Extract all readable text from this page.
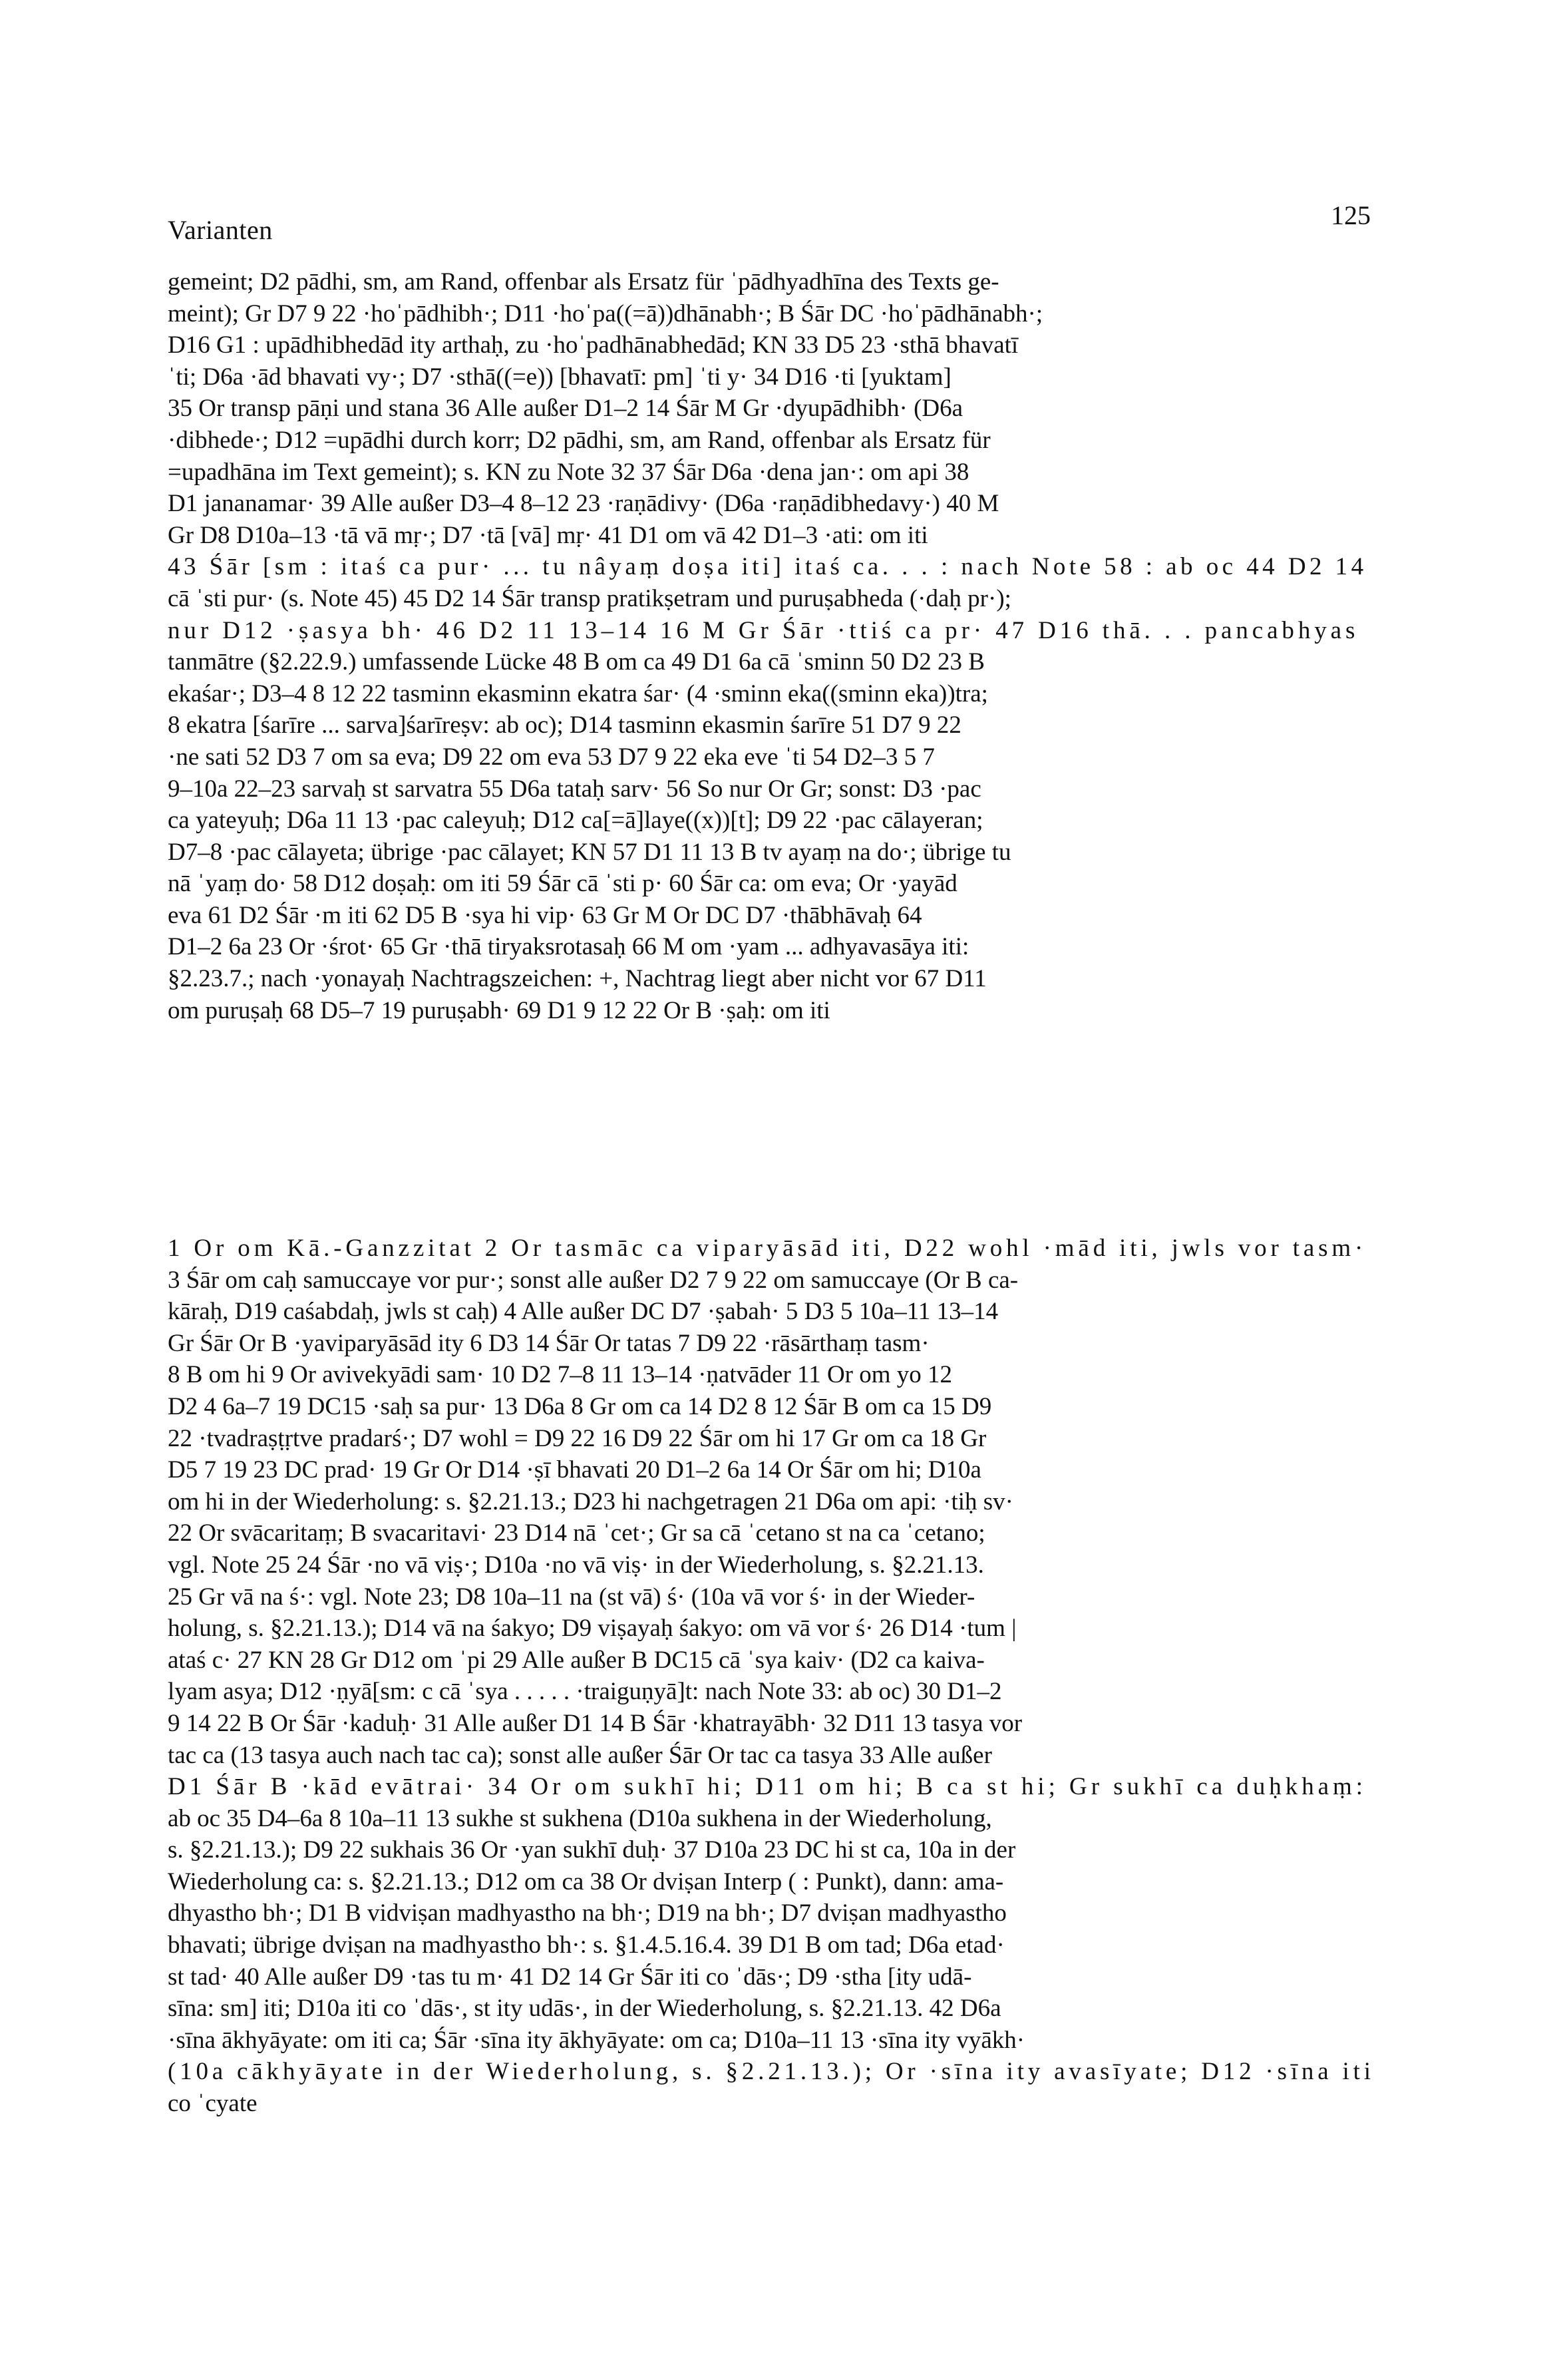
Varianten	125
gemeint; D2 pādhi, sm, am Rand, offenbar als Ersatz für ˈpādhyadhīna des Texts ge-
meint); Gr D7 9 22 ·hoˈpādhibh·; D11 ·hoˈpa((=ā))dhānabh·; B Śār DC ·hoˈpādhānabh·;
D16 G1 : upādhibhedād ity arthaḥ, zu ·hoˈpadhānabhedād; KN 33 D5 23 ·sthā bhavatī
ˈti; D6a ·ād bhavati vy·; D7 ·sthā((=e)) [bhavatī: pm] ˈti y· 34 D16 ·ti [yuktam]
35 Or transp pāṇi und stana 36 Alle außer D1–2 14 Śār M Gr ·dyupādhibh· (D6a
·dibhede·; D12 =upādhi durch korr; D2 pādhi, sm, am Rand, offenbar als Ersatz für
=upadhāna im Text gemeint); s. KN zu Note 32 37 Śār D6a ·dena jan·: om api 38
D1 jananamar· 39 Alle außer D3–4 8–12 23 ·raṇādivy· (D6a ·raṇādibhedavy·) 40 M
Gr D8 D10a–13 ·tā vā mṛ·; D7 ·tā [vā] mṛ· 41 D1 om vā 42 D1–3 ·ati: om iti
43 Śār [sm : itaś ca pur· ... tu nâyaṃ doṣa iti] itaś ca. . . : nach Note 58 : ab oc 44 D2 14
cā ˈsti pur· (s. Note 45) 45 D2 14 Śār transp pratikṣetram und puruṣabheda (·daḥ pr·);
nur D12 ·ṣasya bh· 46 D2 11 13–14 16 M Gr Śār ·ttiś ca pr· 47 D16 thā. . . pancabhyas
tanmātre (§2.22.9.) umfassende Lücke 48 B om ca 49 D1 6a cā ˈsminn 50 D2 23 B
ekaśar·; D3–4 8 12 22 tasminn ekasminn ekatra śar· (4 ·sminn eka((sminn eka))tra;
8 ekatra [śarīre ... sarva]śarīreṣv: ab oc); D14 tasminn ekasmin śarīre 51 D7 9 22
·ne sati 52 D3 7 om sa eva; D9 22 om eva 53 D7 9 22 eka eve ˈti 54 D2–3 5 7
9–10a 22–23 sarvaḥ st sarvatra 55 D6a tataḥ sarv· 56 So nur Or Gr; sonst: D3 ·pac
ca yateyuḥ; D6a 11 13 ·pac caleyuḥ; D12 ca[=ā]laye((x))[t]; D9 22 ·pac cālayeran;
D7–8 ·pac cālayeta; übrige ·pac cālayet; KN 57 D1 11 13 B tv ayaṃ na do·; übrige tu
nā ˈyaṃ do· 58 D12 doṣaḥ: om iti 59 Śār cā ˈsti p· 60 Śār ca: om eva; Or ·yayād
eva 61 D2 Śār ·m iti 62 D5 B ·sya hi vip· 63 Gr M Or DC D7 ·thābhāvaḥ 64
D1–2 6a 23 Or ·śrot· 65 Gr ·thā tiryaksrotasaḥ 66 M om ·yam ... adhyavasāya iti:
§2.23.7.; nach ·yonayaḥ Nachtragszeichen: +, Nachtrag liegt aber nicht vor 67 D11
om puruṣaḥ 68 D5–7 19 puruṣabh· 69 D1 9 12 22 Or B ·ṣaḥ: om iti
1 Or om Kā.-Ganzzitat 2 Or tasmāc ca viparyāsād iti, D22 wohl ·mād iti, jwls vor tasm·
3 Śār om caḥ samuccaye vor pur·; sonst alle außer D2 7 9 22 om samuccaye (Or B ca-
kāraḥ, D19 caśabdaḥ, jwls st caḥ) 4 Alle außer DC D7 ·ṣabah· 5 D3 5 10a–11 13–14
Gr Śār Or B ·yaviparyāsād ity 6 D3 14 Śār Or tatas 7 D9 22 ·rāsārthaṃ tasm·
8 B om hi 9 Or avivekyādi sam· 10 D2 7–8 11 13–14 ·ṇatvāder 11 Or om yo 12
D2 4 6a–7 19 DC15 ·saḥ sa pur· 13 D6a 8 Gr om ca 14 D2 8 12 Śār B om ca 15 D9
22 ·tvadraṣṭṛtve pradarś·; D7 wohl = D9 22 16 D9 22 Śār om hi 17 Gr om ca 18 Gr
D5 7 19 23 DC prad· 19 Gr Or D14 ·ṣī bhavati 20 D1–2 6a 14 Or Śār om hi; D10a
om hi in der Wiederholung: s. §2.21.13.; D23 hi nachgetragen 21 D6a om api: ·tiḥ sv·
22 Or svācaritaṃ; B svacaritavi· 23 D14 nā ˈcet·; Gr sa cā ˈcetano st na ca ˈcetano;
vgl. Note 25 24 Śār ·no vā viṣ·; D10a ·no vā viṣ· in der Wiederholung, s. §2.21.13.
25 Gr vā na ś·: vgl. Note 23; D8 10a–11 na (st vā) ś· (10a vā vor ś· in der Wieder-
holung, s. §2.21.13.); D14 vā na śakyo; D9 viṣayaḥ śakyo: om vā vor ś· 26 D14 ·tum |
ataś c· 27 KN 28 Gr D12 om ˈpi 29 Alle außer B DC15 cā ˈsya kaiv· (D2 ca kaiva-
lyam asya; D12 ·ṇyā[sm: c cā ˈsya . . . . . ·traiguṇyā]t: nach Note 33: ab oc) 30 D1–2
9 14 22 B Or Śār ·kaduḥ· 31 Alle außer D1 14 B Śār ·khatrayābh· 32 D11 13 tasya vor
tac ca (13 tasya auch nach tac ca); sonst alle außer Śār Or tac ca tasya 33 Alle außer
D1 Śār B ·kād evātrai· 34 Or om sukhī hi; D11 om hi; B ca st hi; Gr sukhī ca duḥkhaṃ:
ab oc 35 D4–6a 8 10a–11 13 sukhe st sukhena (D10a sukhena in der Wiederholung,
s. §2.21.13.); D9 22 sukhais 36 Or ·yan sukhī duḥ· 37 D10a 23 DC hi st ca, 10a in der
Wiederholung ca: s. §2.21.13.; D12 om ca 38 Or dviṣan Interp ( : Punkt), dann: ama-
dhyastho bh·; D1 B vidviṣan madhyastho na bh·; D19 na bh·; D7 dviṣan madhyastho
bhavati; übrige dviṣan na madhyastho bh·: s. §1.4.5.16.4. 39 D1 B om tad; D6a etad·
st tad· 40 Alle außer D9 ·tas tu m· 41 D2 14 Gr Śār iti co ˈdās·; D9 ·stha [ity udā-
sīna: sm] iti; D10a iti co ˈdās·, st ity udās·, in der Wiederholung, s. §2.21.13. 42 D6a
·sīna ākhyāyate: om iti ca; Śār ·sīna ity ākhyāyate: om ca; D10a–11 13 ·sīna ity vyākh·
(10a cākhyāyate in der Wiederholung, s. §2.21.13.); Or ·sīna ity avasīyate; D12 ·sīna iti
co ˈcyate
